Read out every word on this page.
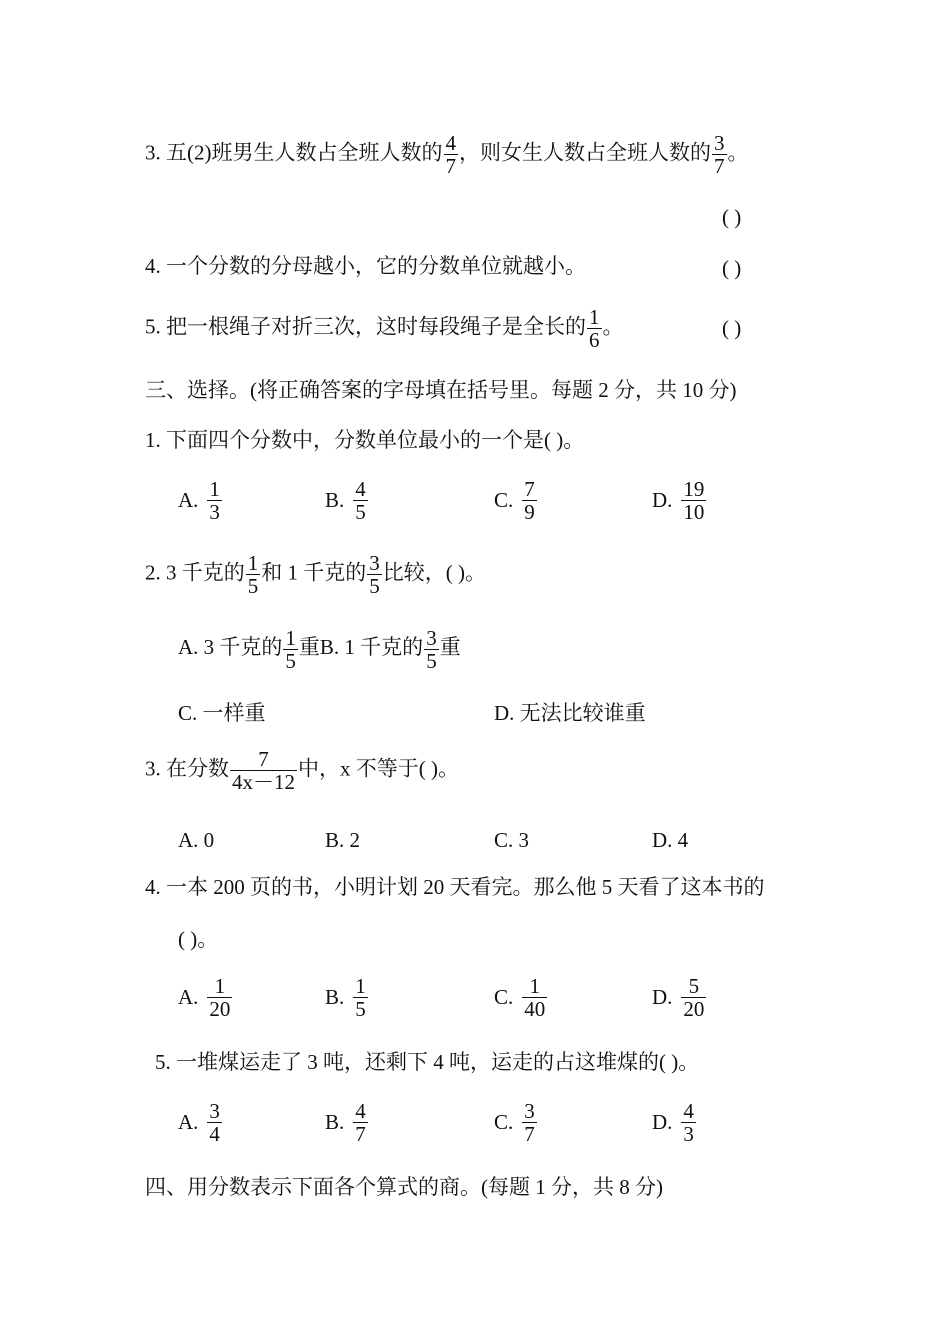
3. 五(2)班男生人数占全班人数的 $\frac{4}{7}$ ，则女生人数占全班人数的 $\frac{3}{7}$ 。
( )
4. 一个分数的分母越小，它的分数单位就越小。	( )
5. 把一根绳子对折三次，这时每段绳子是全长的 $\frac{1}{6}$ 。	( )
三、选择。(将正确答案的字母填在括号里。每题 2 分，共 10 分)
1. 下面四个分数中，分数单位最小的一个是( )。
A. $\frac{1}{3}$	B. $\frac{4}{5}$	C. $\frac{7}{9}$	D. $\frac{19}{10}$
2. 3 千克的 $\frac{1}{5}$ 和 1 千克的 $\frac{3}{5}$ 比较，( )。
A. 3 千克的 $\frac{1}{5}$ 重B. 1 千克的 $\frac{3}{5}$ 重
C. 一样重	D. 无法比较谁重
3. 在分数 $\frac{7}{4x-12}$ 中，x 不等于( )。
A. 0	B. 2	C. 3	D. 4
4. 一本 200 页的书，小明计划 20 天看完。那么他 5 天看了这本书的
( )。
A. $\frac{1}{20}$	B. $\frac{1}{5}$	C. $\frac{1}{40}$	D. $\frac{5}{20}$
5. 一堆煤运走了 3 吨，还剩下 4 吨，运走的占这堆煤的( )。
A. $\frac{3}{4}$	B. $\frac{4}{7}$	C. $\frac{3}{7}$	D. $\frac{4}{3}$
四、用分数表示下面各个算式的商。(每题 1 分，共 8 分)
